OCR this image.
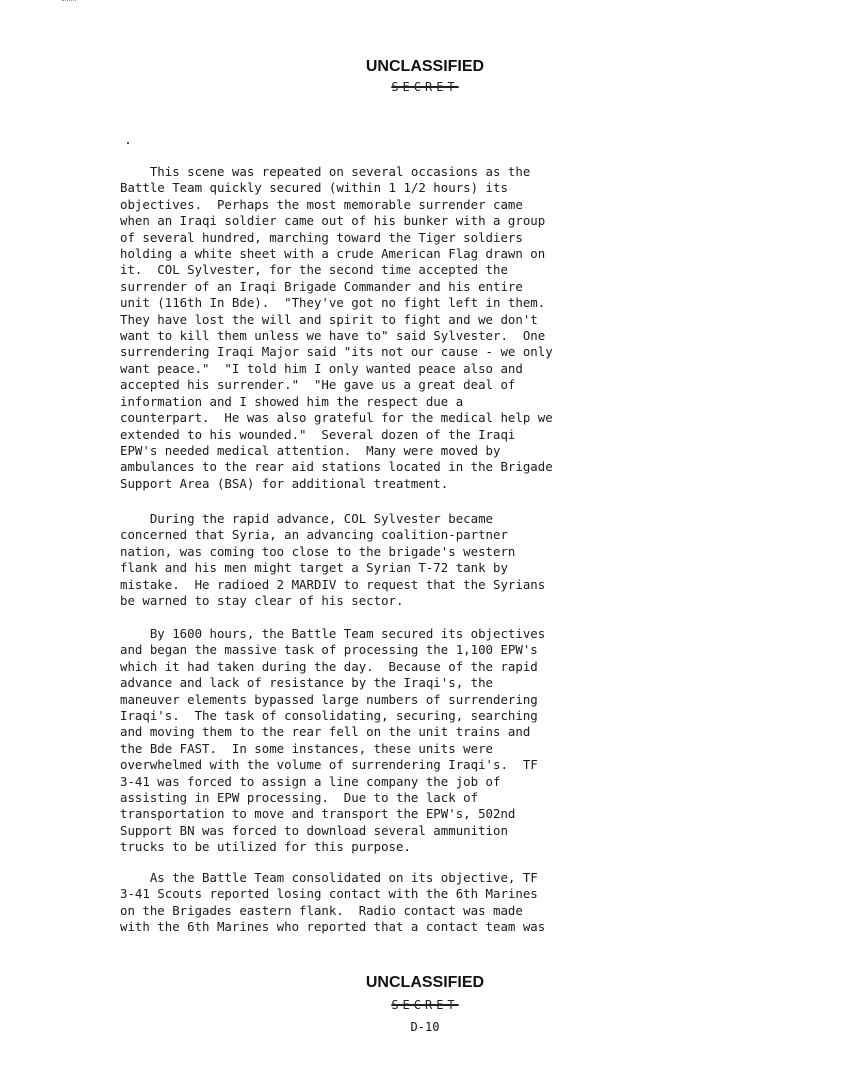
UNCLASSIFIED
SECRET
This scene was repeated on several occasions as the
Battle Team quickly secured (within 1 1/2 hours) its
objectives.  Perhaps the most memorable surrender came
when an Iraqi soldier came out of his bunker with a group
of several hundred, marching toward the Tiger soldiers
holding a white sheet with a crude American Flag drawn on
it.  COL Sylvester, for the second time accepted the
surrender of an Iraqi Brigade Commander and his entire
unit (116th In Bde).  "They've got no fight left in them.
They have lost the will and spirit to fight and we don't
want to kill them unless we have to" said Sylvester.  One
surrendering Iraqi Major said "its not our cause - we only
want peace."  "I told him I only wanted peace also and
accepted his surrender."  "He gave us a great deal of
information and I showed him the respect due a
counterpart.  He was also grateful for the medical help we
extended to his wounded."  Several dozen of the Iraqi
EPW's needed medical attention.  Many were moved by
ambulances to the rear aid stations located in the Brigade
Support Area (BSA) for additional treatment.
During the rapid advance, COL Sylvester became
concerned that Syria, an advancing coalition-partner
nation, was coming too close to the brigade's western
flank and his men might target a Syrian T-72 tank by
mistake.  He radioed 2 MARDIV to request that the Syrians
be warned to stay clear of his sector.
By 1600 hours, the Battle Team secured its objectives
and began the massive task of processing the 1,100 EPW's
which it had taken during the day.  Because of the rapid
advance and lack of resistance by the Iraqi's, the
maneuver elements bypassed large numbers of surrendering
Iraqi's.  The task of consolidating, securing, searching
and moving them to the rear fell on the unit trains and
the Bde FAST.  In some instances, these units were
overwhelmed with the volume of surrendering Iraqi's.  TF
3-41 was forced to assign a line company the job of
assisting in EPW processing.  Due to the lack of
transportation to move and transport the EPW's, 502nd
Support BN was forced to download several ammunition
trucks to be utilized for this purpose.
As the Battle Team consolidated on its objective, TF
3-41 Scouts reported losing contact with the 6th Marines
on the Brigades eastern flank.  Radio contact was made
with the 6th Marines who reported that a contact team was
UNCLASSIFIED
SECRET
D-10
